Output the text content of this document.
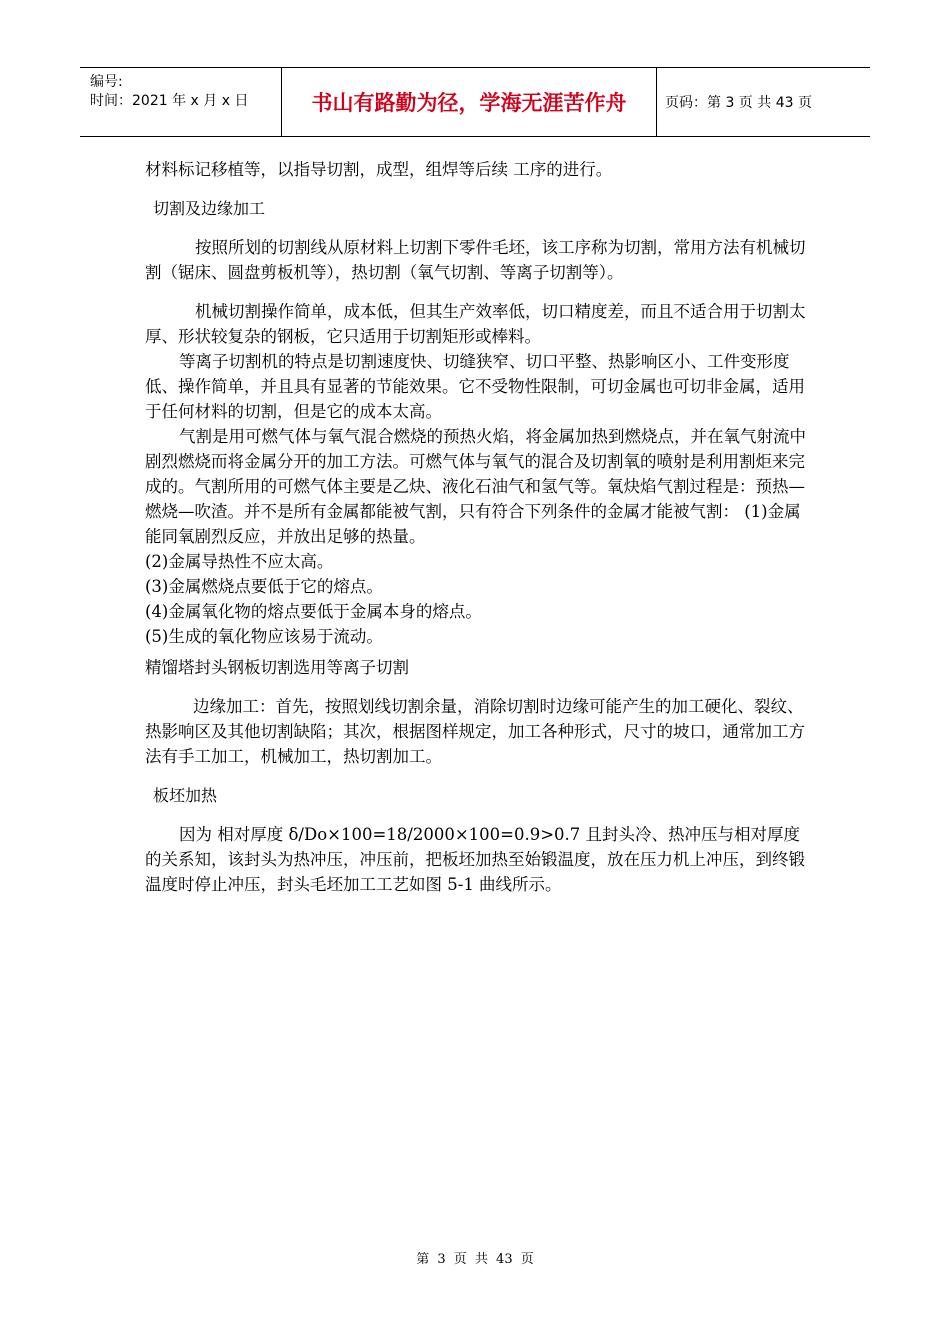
编号:
时间：2021 年 x 月 x 日	书山有路勤为径，学海无涯苦作舟	页码：第 3 页 共 43 页

材料标记移植等，以指导切割，成型，组焊等后续 工序的进行。

切割及边缘加工

按照所划的切割线从原材料上切割下零件毛坯，该工序称为切割，常用方法有机械切割（锯床、圆盘剪板机等），热切割（氧气切割、等离子切割等）。

机械切割操作简单，成本低，但其生产效率低，切口精度差，而且不适合用于切割太厚、形状较复杂的钢板，它只适用于切割矩形或棒料。

等离子切割机的特点是切割速度快、切缝狭窄、切口平整、热影响区小、工件变形度低、操作简单，并且具有显著的节能效果。它不受物性限制，可切金属也可切非金属，适用于任何材料的切割，但是它的成本太高。

气割是用可燃气体与氧气混合燃烧的预热火焰，将金属加热到燃烧点，并在氧气射流中剧烈燃烧而将金属分开的加工方法。可燃气体与氧气的混合及切割氧的喷射是利用割炬来完成的。气割所用的可燃气体主要是乙炔、液化石油气和氢气等。氧炔焰气割过程是：预热—燃烧—吹渣。并不是所有金属都能被气割，只有符合下列条件的金属才能被气割： (1)金属能同氧剧烈反应，并放出足够的热量。

(2)金属导热性不应太高。

(3)金属燃烧点要低于它的熔点。

(4)金属氧化物的熔点要低于金属本身的熔点。

(5)生成的氧化物应该易于流动。

精馏塔封头钢板切割选用等离子切割

边缘加工：首先，按照划线切割余量，消除切割时边缘可能产生的加工硬化、裂纹、热影响区及其他切割缺陷；其次，根据图样规定，加工各种形式，尺寸的坡口，通常加工方法有手工加工，机械加工，热切割加工。

板坯加热

因为 相对厚度 δ/Do×100=18/2000×100=0.9>0.7 且封头冷、热冲压与相对厚度的关系知，该封头为热冲压，冲压前，把板坯加热至始锻温度，放在压力机上冲压，到终锻温度时停止冲压，封头毛坯加工工艺如图 5-1 曲线所示。

第 3 页 共 43 页
